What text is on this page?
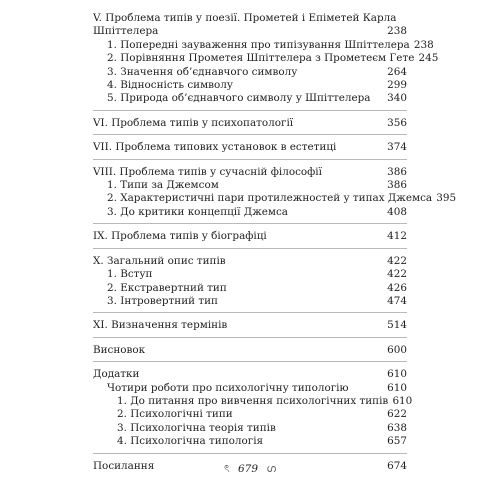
V. Проблема типів у поезії. Прометей і Епіметей Карла
Шпіттелера	238
1. Попередні зауваження про типізування Шпіттелера 238
2. Порівняння Прометея Шпіттелера з Прометеєм Гете 245
3. Значення об’єднавчого символу	264
4. Відносність символу	299
5. Природа об’єднавчого символу у Шпіттелера	340
VI. Проблема типів у психопатології	356
VII. Проблема типових установок в естетиці	374
VIII. Проблема типів у сучасній філософії	386
1. Типи за Джемсом	386
2. Характеристичні пари протилежностей у типах Джемса 395
3. До критики концепції Джемса	408
IX. Проблема типів у біографіці	412
X. Загальний опис типів	422
1. Вступ	422
2. Екстравертний тип	426
3. Інтровертний тип	474
XI. Визначення термінів	514
Висновок	600
Додатки	610
Чотири роботи про психологічну типологію	610
1. До питання про вивчення психологічних типів 610
2. Психологічні типи	622
3. Психологічна теорія типів	638
4. Психологічна типологія	657
Посилання	674
ৎ 679 ഗ
